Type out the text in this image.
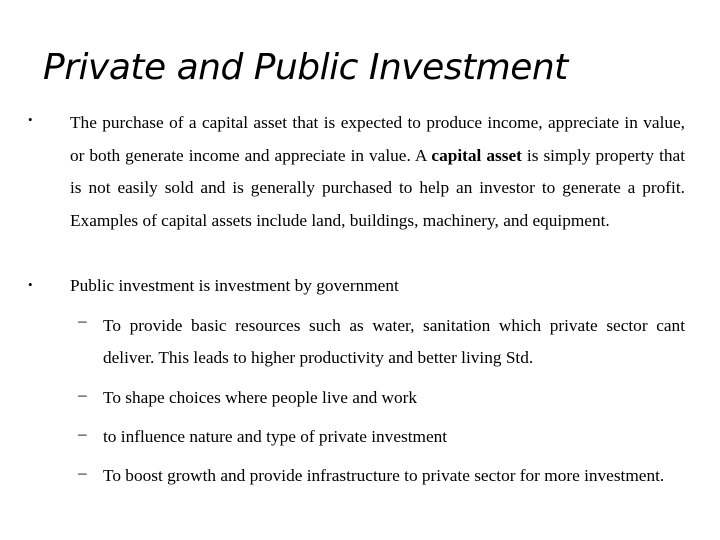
Private and Public Investment
•	The purchase of a capital asset that is expected to produce income, appreciate in value, or both generate income and appreciate in value. A capital asset is simply property that is not easily sold and is generally purchased to help an investor to generate a profit. Examples of capital assets include land, buildings, machinery, and equipment.

•	Public investment is investment by government

– To provide basic resources such as water, sanitation which private sector cant deliver. This leads to higher productivity and better living Std.

– To shape choices where people live and work

– to influence nature and type of private investment

– To boost growth and provide infrastructure to private sector for more investment.
